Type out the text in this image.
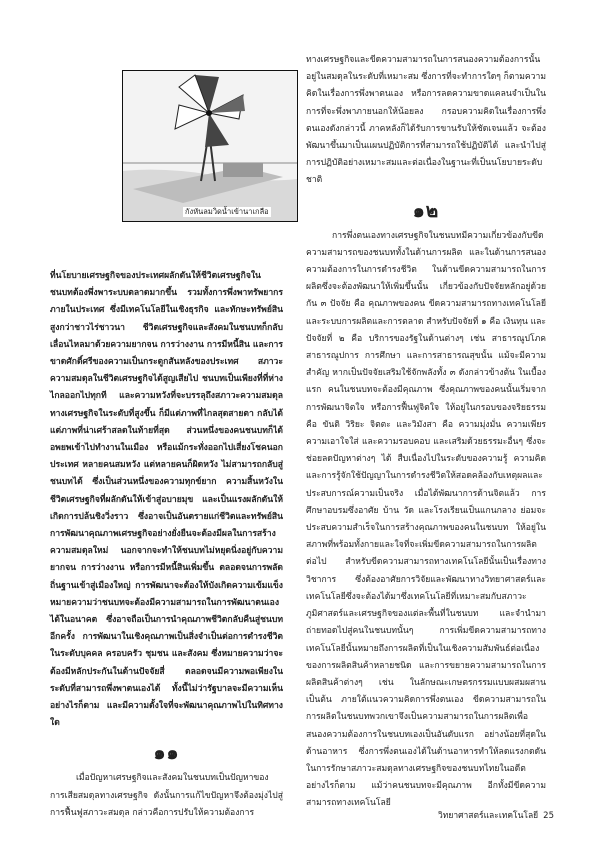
กังหันลมวิดน้ำเข้านาเกลือ

ที่นโยบายเศรษฐกิจของประเทศผลักดันให้ชีวิตเศรษฐกิจในชนบทต้องพึ่งพาระบบตลาดมากขึ้น รวมทั้งการพึ่งพาทรัพยากรภายในประเทศ ซึ่งมีเทคโนโลยีในเชิงธุรกิจ และทักษะทรัพย์สินสูงกว่าชาวไร่ชาวนา ชีวิตเศรษฐกิจและสังคมในชนบทก็กลับเลื่อนไหลมาด้วยความยากจน การว่างงาน การมีหนี้สิน และการขาดศักดิ์ศรีของความเป็นกระดูกสันหลังของประเทศ สภาวะความสมดุลในชีวิตเศรษฐกิจได้สูญเสียไป ชนบทเป็นเพียงที่ที่ห่างไกลออกไปทุกที และความหวังที่จะบรรลุถึงสภาวะความสมดุลทางเศรษฐกิจในระดับที่สูงขึ้น ก็มีแต่ภาพที่ไกลสุดสายตา กลับได้แต่ภาพที่น่าเศร้าสลดในท้ายที่สุด ส่วนหนึ่งของคนชนบทก็ได้อพยพเข้าไปทำงานในเมือง หรือแม้กระทั่งออกไปเสี่ยงโชคนอกประเทศ หลายคนสมหวัง แต่หลายคนก็ผิดหวัง ไม่สามารถกลับสู่ชนบทได้ ซึ่งเป็นส่วนหนึ่งของความทุกข์ยาก ความสิ้นหวังในชีวิตเศรษฐกิจที่ผลักดันให้เข้าสู่อบายมุข และเป็นแรงผลักดันให้เกิดการปล้นชิงวิ่งราว ซึ่งอาจเป็นอันตรายแก่ชีวิตและทรัพย์สิน การพัฒนาคุณภาพเศรษฐกิจอย่างยั่งยืนจะต้องมีผลในการสร้างความสมดุลใหม่ นอกจากจะทำให้ชนบทไม่หยุดนิ่งอยู่กับความยากจน การว่างงาน หรือการมีหนี้สินเพิ่มขึ้น ตลอดจนการพลัดถิ่นฐานเข้าสู่เมืองใหญ่ การพัฒนาจะต้องให้บังเกิดความเข้มแข็ง หมายความว่าชนบทจะต้องมีความสามารถในการพัฒนาตนเองได้ในอนาคต ซึ่งอาจถือเป็นการนำคุณภาพชีวิตกลับคืนสู่ชนบทอีกครั้ง การพัฒนาในเชิงคุณภาพเป็นสิ่งจำเป็นต่อการดำรงชีวิตในระดับบุคคล ครอบครัว ชุมชน และสังคม ซึ่งหมายความว่าจะต้องมีหลักประกันในด้านปัจจัยสี่ ตลอดจนมีความพอเพียงในระดับที่สามารถพึ่งพาตนเองได้ ทั้งนี้ไม่ว่ารัฐบาลจะมีความเห็นอย่างไรก็ตาม และมีความตั้งใจที่จะพัฒนาคุณภาพไปในทิศทางใด

๑๑

เมื่อปัญหาเศรษฐกิจและสังคมในชนบทเป็นปัญหาของการเสียสมดุลทางเศรษฐกิจ ดังนั้นการแก้ไขปัญหาจึงต้องมุ่งไปสู่การฟื้นฟูสภาวะสมดุล กล่าวคือการปรับให้ความต้องการ

ทางเศรษฐกิจและขีดความสามารถในการสนองความต้องการนั้นอยู่ในสมดุลในระดับที่เหมาะสม ซึ่งการที่จะทำการใดๆ ก็ตามความคิดในเรื่องการพึ่งพาตนเอง หรือการลดความขาดแคลนจำเป็นในการที่จะพึ่งพาภายนอกให้น้อยลง กรอบความคิดในเรื่องการพึ่งตนเองดังกล่าวนี้ ภาคหลังก็ได้รับการขานรับให้ชัดเจนแล้ว จะต้องพัฒนาขึ้นมาเป็นแผนปฏิบัติการที่สามารถใช้ปฏิบัติได้ และนำไปสู่การปฏิบัติอย่างเหมาะสมและต่อเนื่องในฐานะที่เป็นนโยบายระดับชาติ

๑๒

การพึ่งตนเองทางเศรษฐกิจในชนบทมีความเกี่ยวข้องกับขีดความสามารถของชนบททั้งในด้านการผลิต และในด้านการสนองความต้องการในการดำรงชีวิต ในด้านขีดความสามารถในการผลิตซึ่งจะต้องพัฒนาให้เพิ่มขึ้นนั้น เกี่ยวข้องกับปัจจัยหลักอยู่ด้วยกัน ๓ ปัจจัย คือ คุณภาพของคน ขีดความสามารถทางเทคโนโลยี และระบบการผลิตและการตลาด สำหรับปัจจัยที่ ๑ คือ เงินทุน และปัจจัยที่ ๒ คือ บริการของรัฐในด้านต่างๆ เช่น สาธารณูปโภค สาธารณูปการ การศึกษา และการสาธารณสุขนั้น แม้จะมีความสำคัญ หากเป็นปัจจัยเสริมใช้จักพลังทั้ง ๓ ดังกล่าวข้างต้น ในเบื้องแรก คนในชนบทจะต้องมีคุณภาพ ซึ่งคุณภาพของคนนั้นเริ่มจากการพัฒนาจิตใจ หรือการฟื้นฟูจิตใจ ให้อยู่ในกรอบของจริยธรรม คือ ขันติ วิริยะ จิตตะ และวิมังสา คือ ความมุ่งมั่น ความเพียร ความเอาใจใส่ และความรอบคอบ และเสริมด้วยธรรมะอื่นๆ ซึ่งจะช่อยลดปัญหาต่างๆ ได้ สืบเนื่องไปในระดับของความรู้ ความคิดและการรู้จักใช้ปัญญาในการดำรงชีวิตให้สอดคล้องกับเหตุผลและประสบการณ์ความเป็นจริง เมื่อได้พัฒนาการด้านจิตแล้ว การศึกษาอบรมซึ่งอาศัย บ้าน วัด และโรงเรียนเป็นแกนกลาง ย่อมจะประสบความสำเร็จในการสร้างคุณภาพของคนในชนบท ให้อยู่ในสภาพที่พร้อมทั้งกายและใจที่จะเพิ่มขีดความสามารถในการผลิตต่อไป สำหรับขีดความสามารถทางเทคโนโลยีนั้นเป็นเรื่องทางวิชาการ ซึ่งต้องอาศัยการวิจัยและพัฒนาทางวิทยาศาสตร์และเทคโนโลยีซึ่งจะต้องได้มาซึ่งเทคโนโลยีที่เหมาะสมกับสภาวะภูมิศาสตร์และเศรษฐกิจของแต่ละพื้นที่ในชนบท และจำนำมาถ่ายทอดไปสู่คนในชนบทนั้นๆ การเพิ่มขีดความสามารถทางเทคโนโลยีนั้นหมายถึงการผลิตที่เป็นในเชิงความสัมพันธ์ต่อเนื่องของการผลิตสินค้าหลายชนิด และการขยายความสามารถในการผลิตสินค้าต่างๆ เช่น ในลักษณะเกษตรกรรมแบบผสมผสาน เป็นต้น ภายใต้แนวความคิดการพึ่งตนเอง ขีดความสามารถในการผลิตในชนบทพวกเขาจึงเป็นความสามารถในการผลิตเพื่อสนองความต้องการในชนบทเองเป็นอันดับแรก อย่างน้อยที่สุดในด้านอาหาร ซึ่งการพึ่งตนเองได้ในด้านอาหารทำให้ลดแรงกดดันในการรักษาสภาวะสมดุลทางเศรษฐกิจของชนบทไทยในอดีต อย่างไรก็ตาม แม้ว่าคนชนบทจะมีคุณภาพ อีกทั้งมีขีดความสามารถทางเทคโนโลยี

วิทยาศาสตร์และเทคโนโลยี 25
